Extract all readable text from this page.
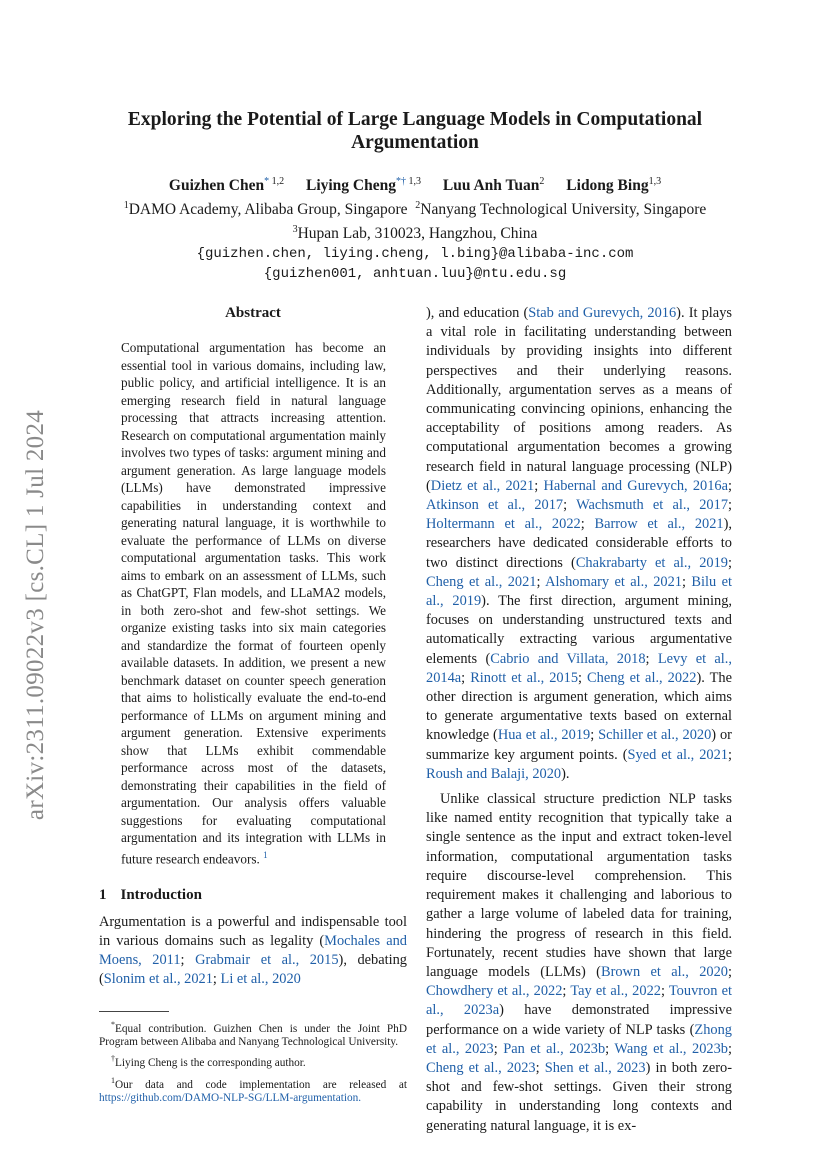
arXiv:2311.09022v3 [cs.CL] 1 Jul 2024
Exploring the Potential of Large Language Models in Computational Argumentation
Guizhen Chen* $^{1,2}$ Liying Cheng*† $^{1,3}$ Luu Anh Tuan$^2$ Lidong Bing$^{1,3}$
$^1$DAMO Academy, Alibaba Group, Singapore $^2$Nanyang Technological University, Singapore
$^3$Hupan Lab, 310023, Hangzhou, China
{guizhen.chen, liying.cheng, l.bing}@alibaba-inc.com
{guizhen001, anhtuan.luu}@ntu.edu.sg
Abstract
Computational argumentation has become an essential tool in various domains, including law, public policy, and artificial intelligence. It is an emerging research field in natural language processing that attracts increasing attention. Research on computational argumentation mainly involves two types of tasks: argument mining and argument generation. As large language models (LLMs) have demonstrated impressive capabilities in understanding context and generating natural language, it is worthwhile to evaluate the performance of LLMs on diverse computational argumentation tasks. This work aims to embark on an assessment of LLMs, such as ChatGPT, Flan models, and LLaMA2 models, in both zero-shot and few-shot settings. We organize existing tasks into six main categories and standardize the format of fourteen openly available datasets. In addition, we present a new benchmark dataset on counter speech generation that aims to holistically evaluate the end-to-end performance of LLMs on argument mining and argument generation. Extensive experiments show that LLMs exhibit commendable performance across most of the datasets, demonstrating their capabilities in the field of argumentation. Our analysis offers valuable suggestions for evaluating computational argumentation and its integration with LLMs in future research endeavors. $^1$
1 Introduction

Argumentation is a powerful and indispensable tool in various domains such as legality (Mochales and Moens, 2011; Grabmair et al., 2015), debating (Slonim et al., 2021; Li et al., 2020

*Equal contribution. Guizhen Chen is under the Joint PhD Program between Alibaba and Nanyang Technological University.

†Liying Cheng is the corresponding author.

$^1$Our data and code implementation are released at https://github.com/DAMO-NLP-SG/LLM-argumentation.

), and education (Stab and Gurevych, 2016). It plays a vital role in facilitating understanding between individuals by providing insights into different perspectives and their underlying reasons. Additionally, argumentation serves as a means of communicating convincing opinions, enhancing the acceptability of positions among readers. As computational argumentation becomes a growing research field in natural language processing (NLP) (Dietz et al., 2021; Habernal and Gurevych, 2016a; Atkinson et al., 2017; Wachsmuth et al., 2017; Holtermann et al., 2022; Barrow et al., 2021), researchers have dedicated considerable efforts to two distinct directions (Chakrabarty et al., 2019; Cheng et al., 2021; Alshomary et al., 2021; Bilu et al., 2019). The first direction, argument mining, focuses on understanding unstructured texts and automatically extracting various argumentative elements (Cabrio and Villata, 2018; Levy et al., 2014a; Rinott et al., 2015; Cheng et al., 2022). The other direction is argument generation, which aims to generate argumentative texts based on external knowledge (Hua et al., 2019; Schiller et al., 2020) or summarize key argument points. (Syed et al., 2021; Roush and Balaji, 2020).

Unlike classical structure prediction NLP tasks like named entity recognition that typically take a single sentence as the input and extract token-level information, computational argumentation tasks require discourse-level comprehension. This requirement makes it challenging and laborious to gather a large volume of labeled data for training, hindering the progress of research in this field. Fortunately, recent studies have shown that large language models (LLMs) (Brown et al., 2020; Chowdhery et al., 2022; Tay et al., 2022; Touvron et al., 2023a) have demonstrated impressive performance on a wide variety of NLP tasks (Zhong et al., 2023; Pan et al., 2023b; Wang et al., 2023b; Cheng et al., 2023; Shen et al., 2023) in both zero-shot and few-shot settings. Given their strong capability in understanding long contexts and generating natural language, it is ex-
